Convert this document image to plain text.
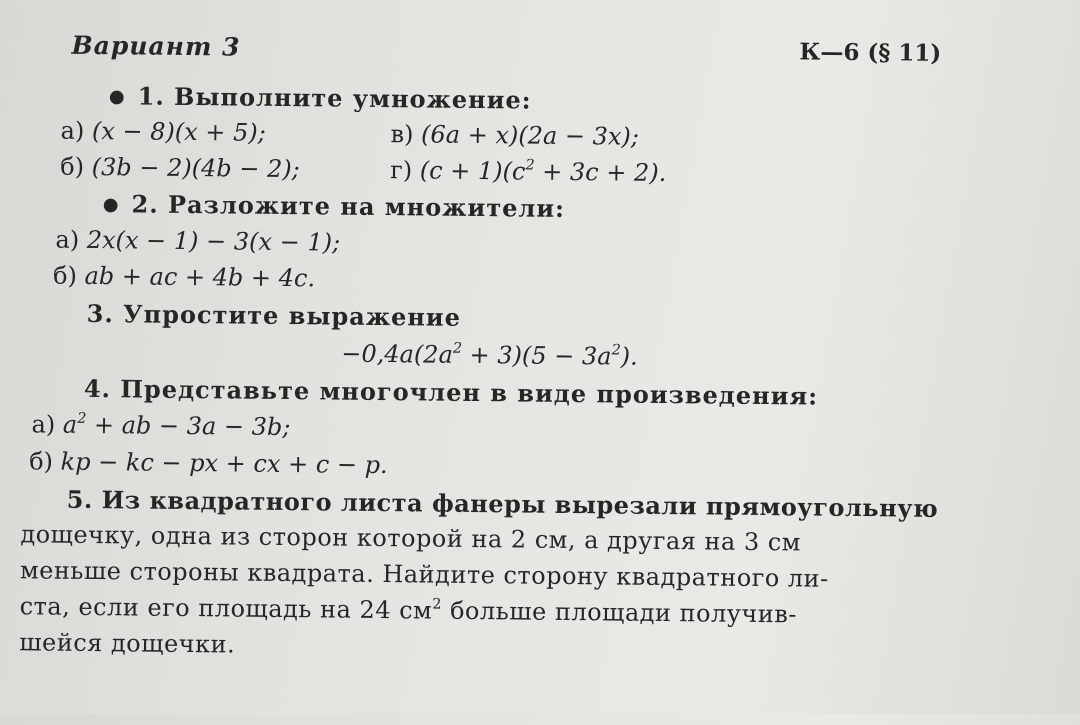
Вариант 3	К—6 (§ 11)
● 1. Выполните умножение:
а) (x − 8)(x + 5);	в) (6a + x)(2a − 3x);
б) (3b − 2)(4b − 2);	г) $(c + 1)(c^2 + 3c + 2)$.
● 2. Разложите на множители:
а) 2x(x − 1) − 3(x − 1);
б) ab + ac + 4b + 4c.
3. Упростите выражение
$-0,4a(2a^2 + 3)(5 - 3a^2)$.
4. Представьте многочлен в виде произведения:
а) $a^2$ + ab − 3a − 3b;
б) kp − kc − px + cx + c − p.
5. Из квадратного листа фанеры вырезали прямоугольную
дощечку, одна из сторон которой на 2 см, а другая на 3 см
меньше стороны квадрата. Найдите сторону квадратного ли-
ста, если его площадь на 24 $см^2$ больше площади получив-
шейся дощечки.
